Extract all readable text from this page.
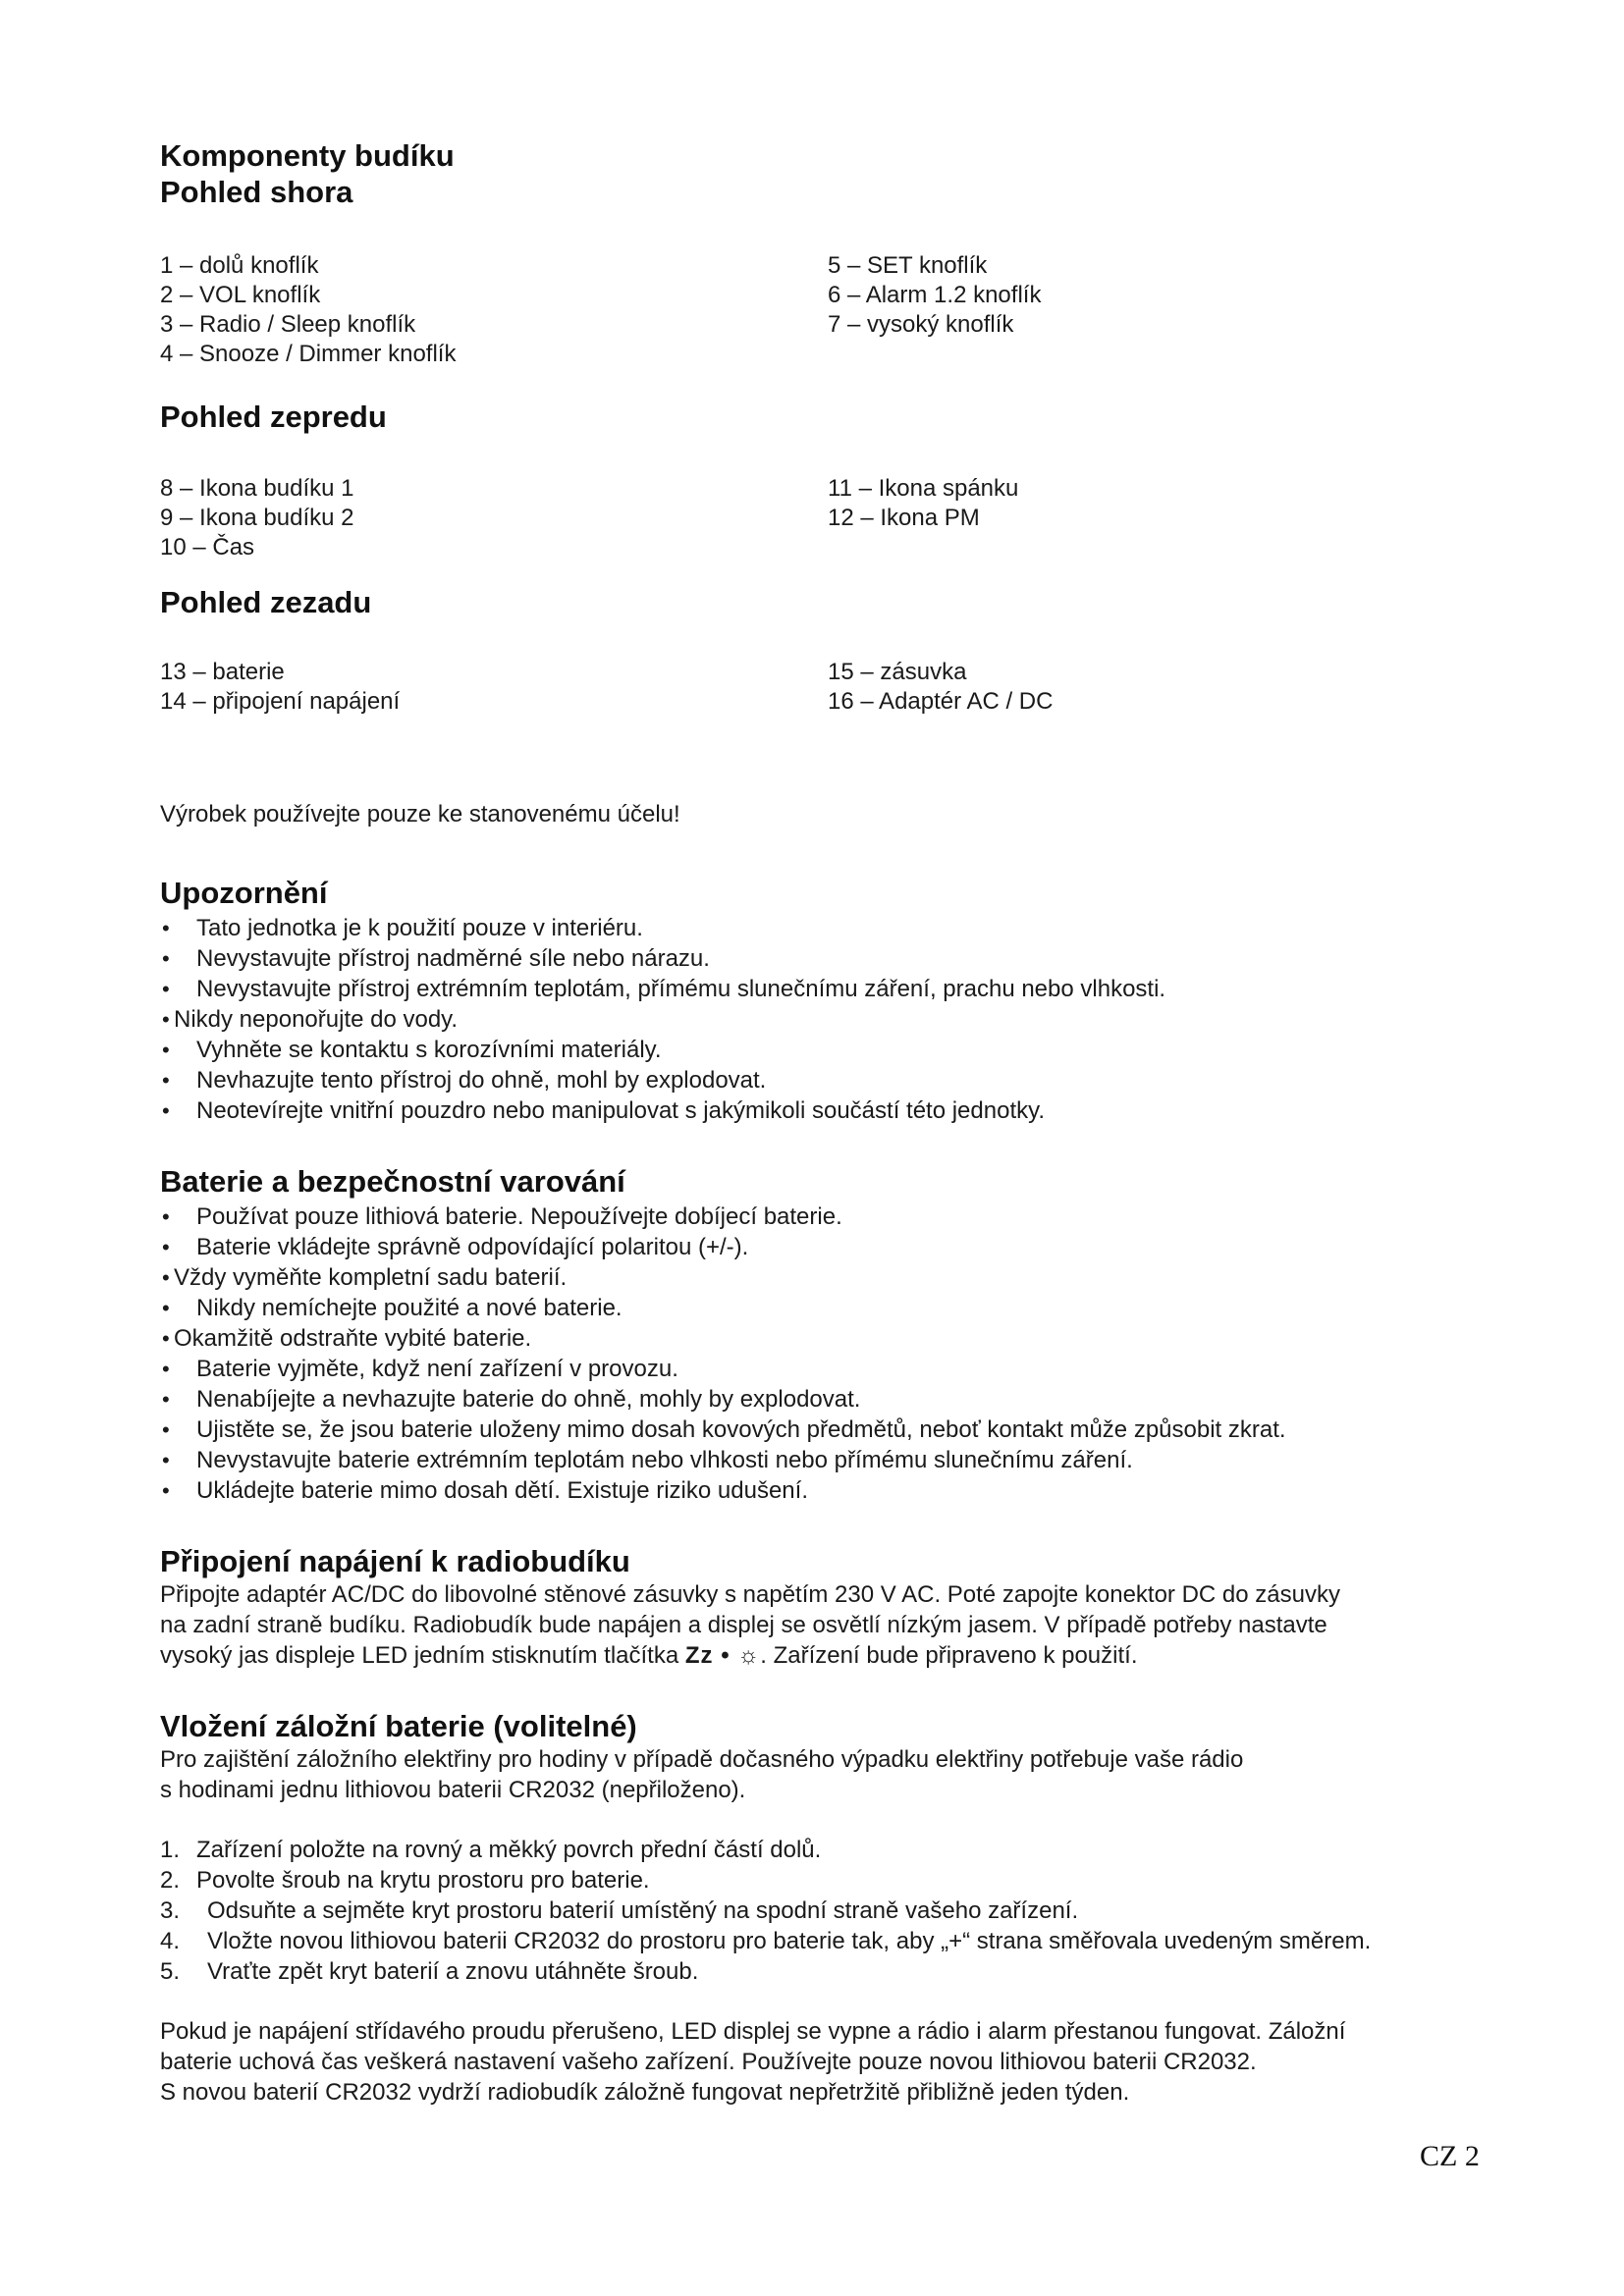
Komponenty budíku
Pohled shora
1 – dolů knoflík
2 – VOL knoflík
3 – Radio / Sleep knoflík
4 – Snooze / Dimmer knoflík
5 – SET knoflík
6 – Alarm 1.2 knoflík
7 – vysoký knoflík
Pohled zepredu
8 – Ikona budíku 1
9 – Ikona budíku 2
10 – Čas
11 – Ikona spánku
12 – Ikona PM
Pohled zezadu
13 – baterie
14 – připojení napájení
15 – zásuvka
16 – Adaptér AC / DC
Výrobek používejte pouze ke stanovenému účelu!
Upozornění
• Tato jednotka je k použití pouze v interiéru.
• Nevystavujte přístroj nadměrné síle nebo nárazu.
• Nevystavujte přístroj extrémním teplotám, přímému slunečnímu záření, prachu nebo vlhkosti.
• Nikdy neponořujte do vody.
• Vyhněte se kontaktu s korozívními materiály.
• Nevhazujte tento přístroj do ohně, mohl by explodovat.
• Neotevírejte vnitřní pouzdro nebo manipulovat s jakýmikoli součástí této jednotky.
Baterie a bezpečnostní varování
• Používat pouze lithiová baterie. Nepoužívejte dobíjecí baterie.
• Baterie vkládejte správně odpovídající polaritou (+/-).
• Vždy vyměňte kompletní sadu baterií.
• Nikdy nemíchejte použité a nové baterie.
• Okamžitě odstraňte vybité baterie.
• Baterie vyjměte, když není zařízení v provozu.
• Nenabíjejte a nevhazujte baterie do ohně, mohly by explodovat.
• Ujistěte se, že jsou baterie uloženy mimo dosah kovových předmětů, neboť kontakt může způsobit zkrat.
• Nevystavujte baterie extrémním teplotám nebo vlhkosti nebo přímému slunečnímu záření.
• Ukládejte baterie mimo dosah dětí. Existuje riziko udušení.
Připojení napájení k radiobudíku

Připojte adaptér AC/DC do libovolné stěnové zásuvky s napětím 230 V AC. Poté zapojte konektor DC do zásuvky

na zadní straně budíku. Radiobudík bude napájen a displej se osvětlí nízkým jasem. V případě potřeby nastavte

vysoký jas displeje LED jedním stisknutím tlačítka Zz • ☼. Zařízení bude připraveno k použití.

Vložení záložní baterie (volitelné)

Pro zajištění záložního elektřiny pro hodiny v případě dočasného výpadku elektřiny potřebuje vaše rádio

s hodinami jednu lithiovou baterii CR2032 (nepřiloženo).

1. Zařízení položte na rovný a měkký povrch přední částí dolů.
2. Povolte šroub na krytu prostoru pro baterie.
3. Odsuňte a sejměte kryt prostoru baterií umístěný na spodní straně vašeho zařízení.
4. Vložte novou lithiovou baterii CR2032 do prostoru pro baterie tak, aby „+“ strana směřovala uvedeným směrem.
5. Vraťte zpět kryt baterií a znovu utáhněte šroub.

Pokud je napájení střídavého proudu přerušeno, LED displej se vypne a rádio i alarm přestanou fungovat. Záložní

baterie uchová čas veškerá nastavení vašeho zařízení. Používejte pouze novou lithiovou baterii CR2032.

S novou baterií CR2032 vydrží radiobudík záložně fungovat nepřetržitě přibližně jeden týden.

CZ 2
